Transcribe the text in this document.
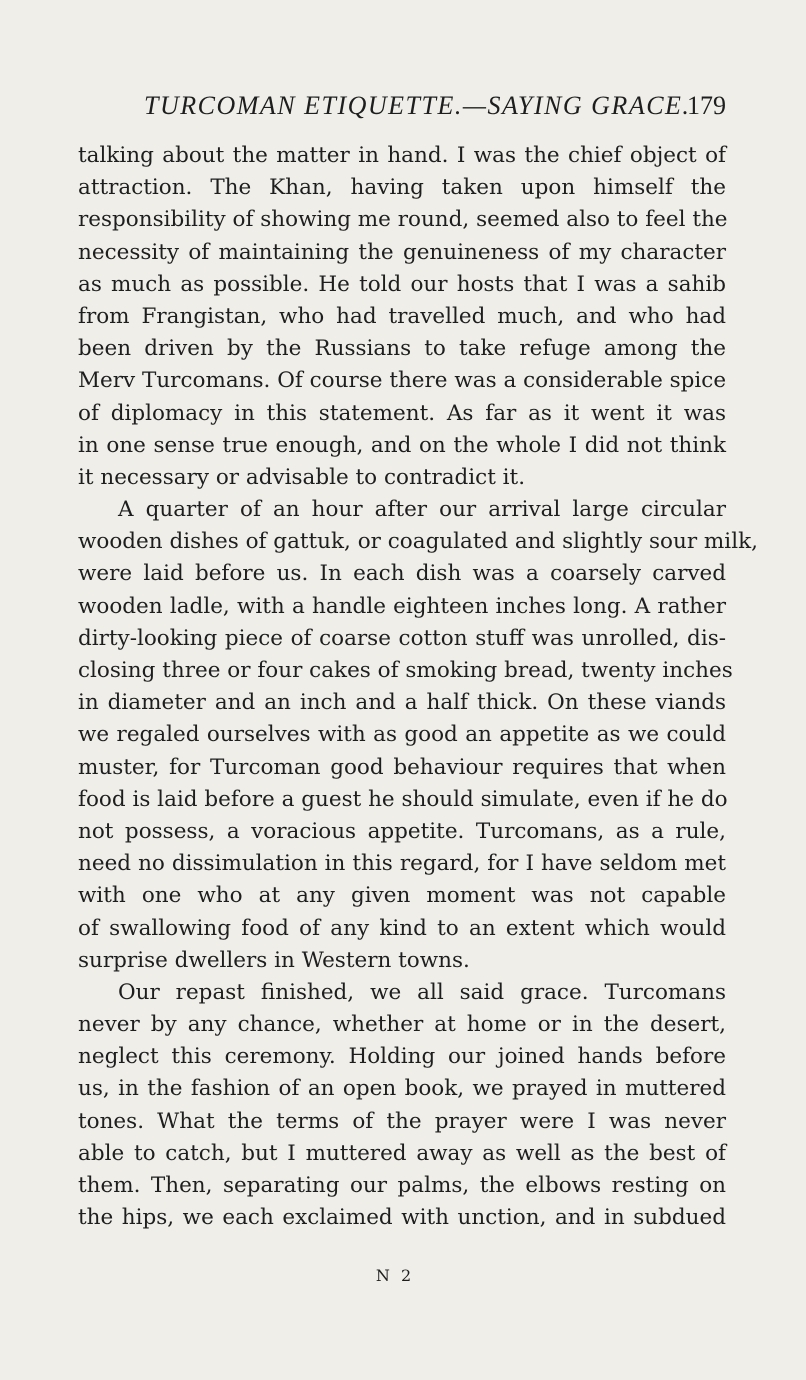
TURCOMAN ETIQUETTE.—SAYING GRACE.
179
talking about the matter in hand. I was the chief object of
attraction. The Khan, having taken upon himself the
responsibility of showing me round, seemed also to feel the
necessity of maintaining the genuineness of my character
as much as possible. He told our hosts that I was a sahib
from Frangistan, who had travelled much, and who had
been driven by the Russians to take refuge among the
Merv Turcomans. Of course there was a considerable spice
of diplomacy in this statement. As far as it went it was
in one sense true enough, and on the whole I did not think
it necessary or advisable to contradict it.
A quarter of an hour after our arrival large circular
wooden dishes of gattuk, or coagulated and slightly sour milk,
were laid before us. In each dish was a coarsely carved
wooden ladle, with a handle eighteen inches long. A rather
dirty-looking piece of coarse cotton stuff was unrolled, dis-
closing three or four cakes of smoking bread, twenty inches
in diameter and an inch and a half thick. On these viands
we regaled ourselves with as good an appetite as we could
muster, for Turcoman good behaviour requires that when
food is laid before a guest he should simulate, even if he do
not possess, a voracious appetite. Turcomans, as a rule,
need no dissimulation in this regard, for I have seldom met
with one who at any given moment was not capable
of swallowing food of any kind to an extent which would
surprise dwellers in Western towns.
Our repast finished, we all said grace. Turcomans
never by any chance, whether at home or in the desert,
neglect this ceremony. Holding our joined hands before
us, in the fashion of an open book, we prayed in muttered
tones. What the terms of the prayer were I was never
able to catch, but I muttered away as well as the best of
them. Then, separating our palms, the elbows resting on
the hips, we each exclaimed with unction, and in subdued
N 2
